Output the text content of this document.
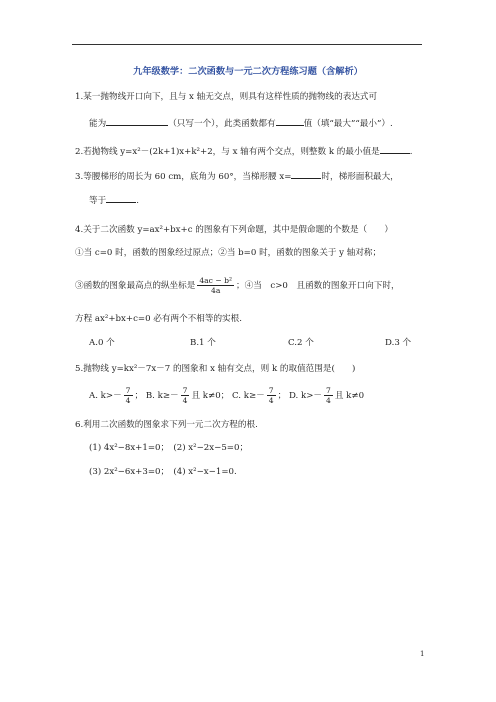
九年级数学：二次函数与一元二次方程练习题（含解析）
1.某一抛物线开口向下，且与 x 轴无交点，则具有这样性质的抛物线的表达式可
能为	（只写一个），此类函数都有	值（填“最大”“最小”）.
2.若抛物线 y=x²－(2k+1)x+k²+2，与 x 轴有两个交点，则整数 k 的最小值是	.
3.等腰梯形的周长为 60 cm，底角为 60°，当梯形腰 x=	时，梯形面积最大，
等于	.
4.关于二次函数 y=ax²+bx+c 的图象有下列命题，其中是假命题的个数是（　　）
①当 c=0 时，函数的图象经过原点；②当 b=0 时，函数的图象关于 y 轴对称；
③函数的图象最高点的纵坐标是 $\frac{\text{4ac − b²}}{4a}$ ；④当　c>0　且函数的图象开口向下时，
方程 ax²+bx+c=0 必有两个不相等的实根.
A.0 个	B.1 个	C.2 个	D.3 个
5.抛物线 y=kx²－7x－7 的图象和 x 轴有交点，则 k 的取值范围是(　　)
A. $k>- \frac{7}{4}$ ； B. $k\ge- \frac{7}{4}$ 且 k≠0； C. $k\ge- \frac{7}{4}$ ； D. $k>- \frac{7}{4}$ 且 k≠0
6.利用二次函数的图象求下列一元二次方程的根.
(1) 4x²−8x+1=0；　(2) x²−2x−5=0；
(3) 2x²−6x+3=0；　(4) x²−x−1=0.
1
